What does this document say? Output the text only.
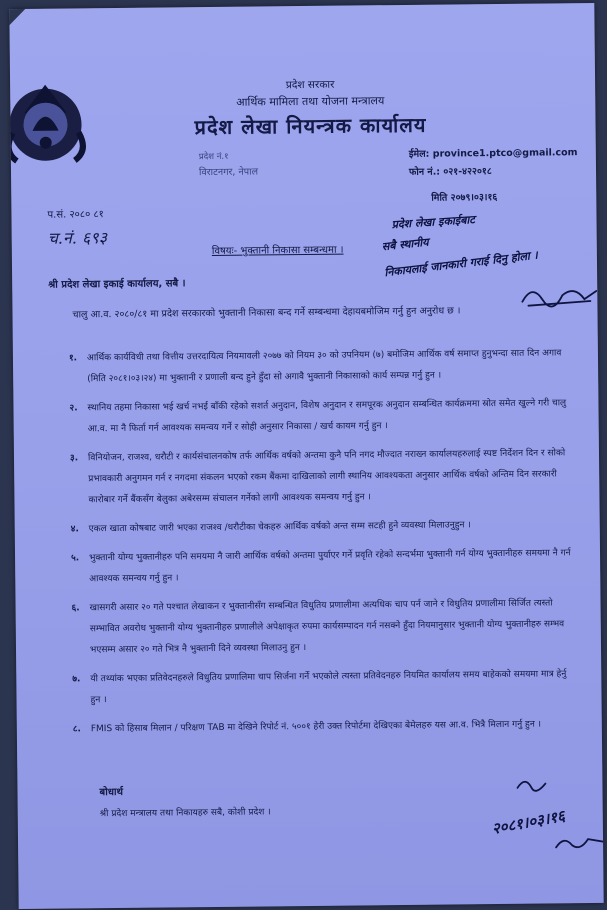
प्रदेश सरकार
आर्थिक मामिला तथा योजना मन्त्रालय
प्रदेश लेखा नियन्त्रक कार्यालय
प्रदेश नं.१
विराटनगर, नेपाल
ईमेल: province1.ptco@gmail.com
फोन नं.: ०२१-४२२०१८
मिति २०७९।०३।१६
प.सं. २०८० ८१
च.नं. ६९३
विषयः- भुक्तानी निकासा सम्बन्धमा ।
प्रदेश लेखा इकाईबाट
सबै स्थानीय
निकायलाई जानकारी गराई दिनु होला ।
श्री प्रदेश लेखा इकाई कार्यालय, सबै ।
चालु आ.व. २०८०/८१ मा प्रदेश सरकारको भुक्तानी निकासा बन्द गर्ने सम्बन्धमा देहायबमोजिम गर्नु हुन अनुरोध छ ।
१. आर्थिक कार्यविधी तथा वित्तीय उत्तरदायित्व नियमावली २०७७ को नियम ३० को उपनियम (७) बमोजिम आर्थिक वर्ष समाप्त हुनुभन्दा सात दिन अगाव (मिति २०८१।०३।२४) मा भुक्तानी र प्रणाली बन्द हुने हुँदा सो अगावै भुक्तानी निकासाको कार्य सम्पन्न गर्नु हुन ।
२. स्थानिय तहमा निकासा भई खर्च नभई बाँकी रहेको सशर्त अनुदान, विशेष अनुदान र समपूरक अनुदान सम्बन्धित कार्यक्रममा स्रोत समेत खुल्ने गरी चालु आ.व. मा नै फिर्ता गर्न आवश्यक समन्वय गर्ने र सोही अनुसार निकासा / खर्च कायम गर्नु हुन ।
३. विनियोजन, राजश्व, धरौटी र कार्यसंचालनकोष तर्फ आर्थिक वर्षको अन्तमा कुनै पनि नगद मौज्दात नराख्न कार्यालयहरुलाई स्पष्ट निर्देशन दिन र सोको प्रभावकारी अनुगमन गर्न र नगदमा संकलन भएको रकम बैंकमा दाखिलाको लागी स्थानिय आवश्यकता अनुसार आर्थिक वर्षको अन्तिम दिन सरकारी कारोबार गर्ने बैंकसँग बेलुका अबेरसम्म संचालन गर्नेको लागी आवश्यक समन्वय गर्नु हुन ।
४. एकल खाता कोषबाट जारी भएका राजश्व /धरौटीका चेकहरु आर्थिक वर्षको अन्त सम्म सटही हुने व्यवस्था मिलाउनुहुन ।
५. भुक्तानी योग्य भुक्तानीहरु पनि समयमा नै जारी आर्थिक वर्षको अन्तमा पुर्याएर गर्ने प्रवृति रहेको सन्दर्भमा भुक्तानी गर्न योग्य भुक्तानीहरु समयमा नै गर्न आवश्यक समन्वय गर्नु हुन ।
६. खासगरी असार २० गते पश्चात लेखाकन र भुक्तानीसँग सम्बन्धित विधुतिय प्रणालीमा अत्यधिक चाप पर्न जाने र विधुतिय प्रणालीमा सिर्जित त्यस्तो सम्भावित अवरोध भुक्तानी योग्य भुक्तानीहरु प्रणालीले अपेक्षाकृत रुपमा कार्यसम्पादन गर्न नसक्ने हुँदा नियमानुसार भुक्तानी योग्य भुक्तानीहरु सम्भव भएसम्म असार २० गते भित्र नै भुक्तानी दिने व्यवस्था मिलाउनु हुन ।
७. यी तथ्यांक भएका प्रतिवेदनहरुले विधुतिय प्रणालिमा चाप सिर्जना गर्ने भएकोले त्यस्ता प्रतिवेदनहरु नियमित कार्यालय समय बाहेकको समयमा मात्र हेर्नु हुन ।
८. FMIS को हिसाब मिलान / परिक्षण TAB मा देखिने रिपोर्ट नं. ५००१ हेरी उक्त रिपोर्टमा देखिएका बेमेलहरु यस आ.व. भित्रै मिलान गर्नु हुन ।
बोधार्थ
श्री प्रदेश मन्त्रालय तथा निकायहरु सबै, कोशी प्रदेश ।	२०८१।०३।१६
